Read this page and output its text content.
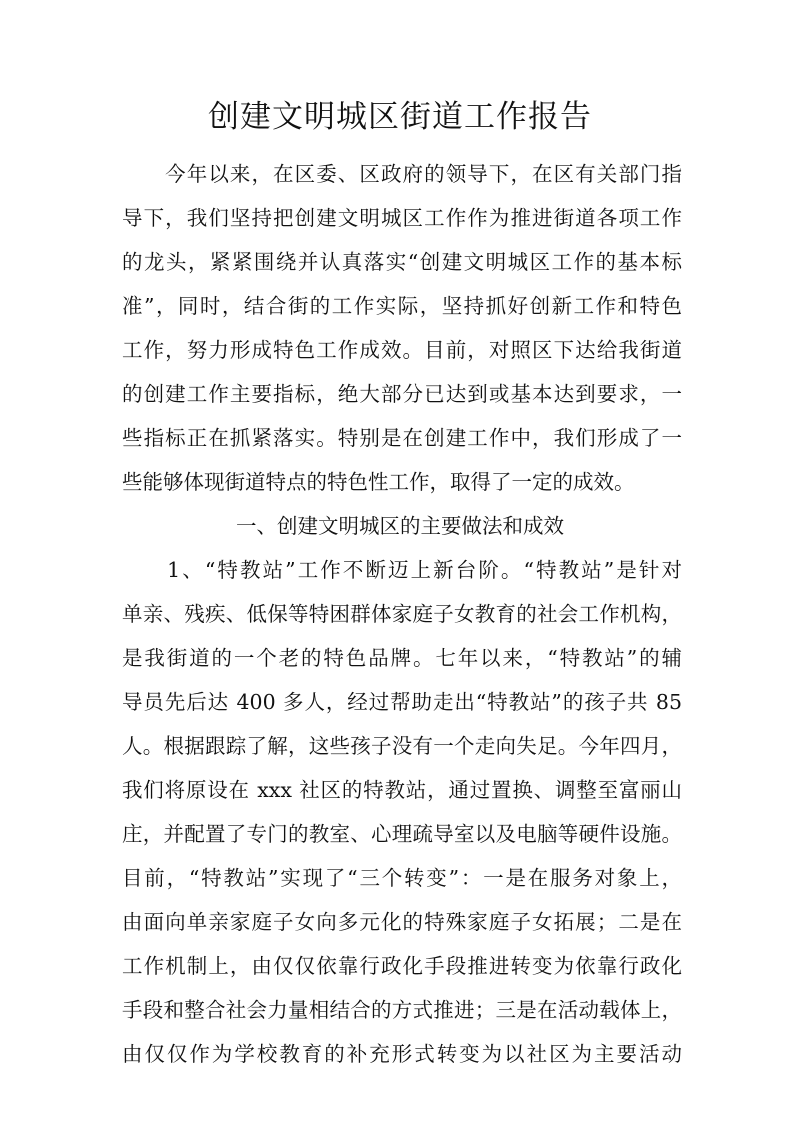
创建文明城区街道工作报告
　　今年以来，在区委、区政府的领导下，在区有关部门指
导下，我们坚持把创建文明城区工作作为推进街道各项工作
的龙头，紧紧围绕并认真落实“创建文明城区工作的基本标
准”，同时，结合街的工作实际，坚持抓好创新工作和特色
工作，努力形成特色工作成效。目前，对照区下达给我街道
的创建工作主要指标，绝大部分已达到或基本达到要求，一
些指标正在抓紧落实。特别是在创建工作中，我们形成了一
些能够体现街道特点的特色性工作，取得了一定的成效。
一、创建文明城区的主要做法和成效
　　1、“特教站”工作不断迈上新台阶。“特教站”是针对
单亲、残疾、低保等特困群体家庭子女教育的社会工作机构，
是我街道的一个老的特色品牌。七年以来，“特教站”的辅
导员先后达 400 多人，经过帮助走出“特教站”的孩子共 85
人。根据跟踪了解，这些孩子没有一个走向失足。今年四月，
我们将原设在 xxx 社区的特教站，通过置换、调整至富丽山
庄，并配置了专门的教室、心理疏导室以及电脑等硬件设施。
目前，“特教站”实现了“三个转变”：一是在服务对象上，
由面向单亲家庭子女向多元化的特殊家庭子女拓展；二是在
工作机制上，由仅仅依靠行政化手段推进转变为依靠行政化
手段和整合社会力量相结合的方式推进；三是在活动载体上，
由仅仅作为学校教育的补充形式转变为以社区为主要活动
